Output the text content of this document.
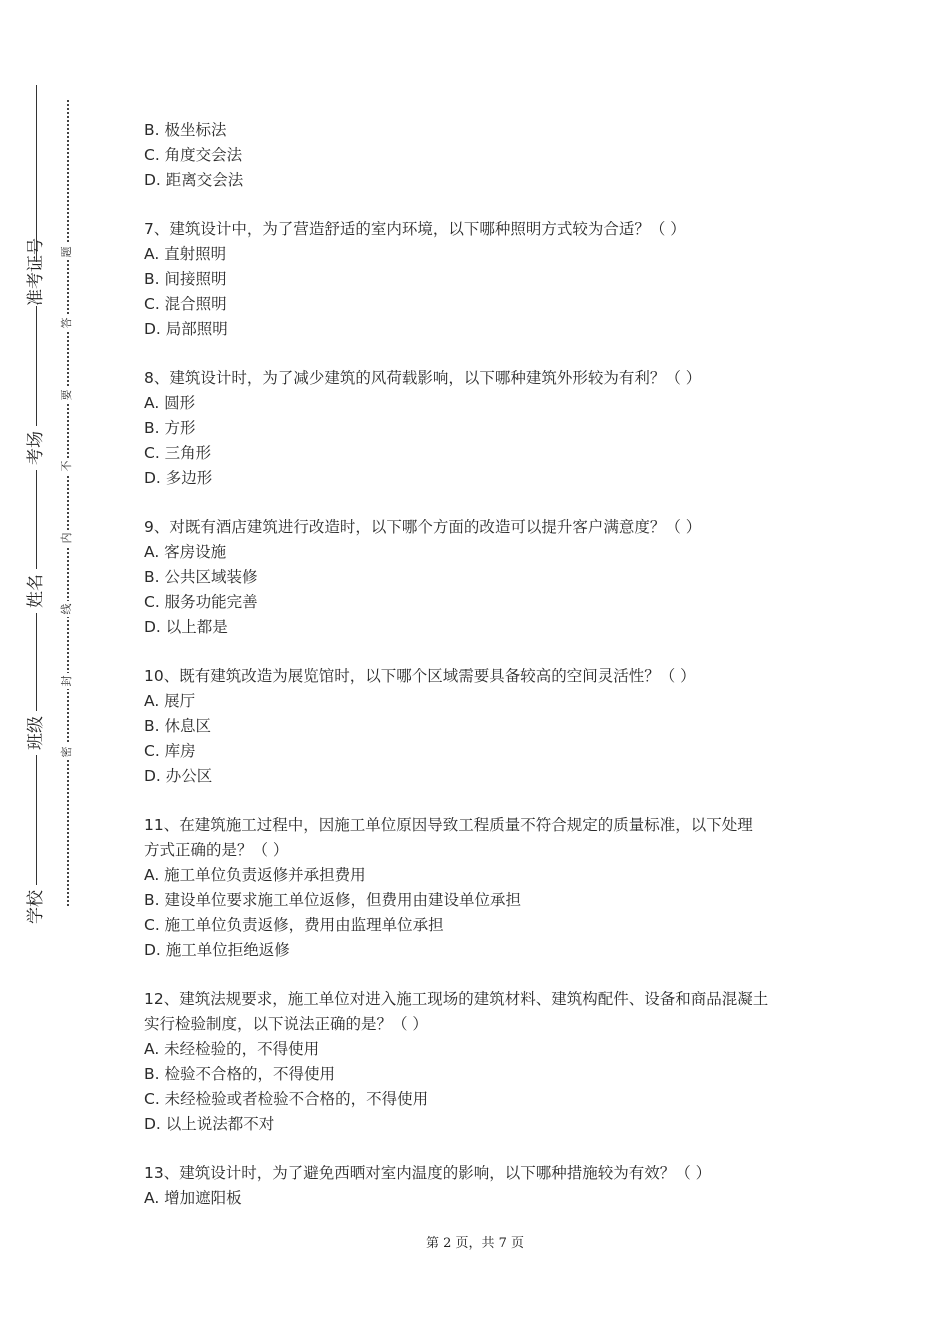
准考证号
考场
姓名
班级
学校
题
答
要
不
内
线
封
密
B. 极坐标法
C. 角度交会法
D. 距离交会法
7、建筑设计中，为了营造舒适的室内环境，以下哪种照明方式较为合适？（ ）
A. 直射照明
B. 间接照明
C. 混合照明
D. 局部照明
8、建筑设计时，为了减少建筑的风荷载影响，以下哪种建筑外形较为有利？（ ）
A. 圆形
B. 方形
C. 三角形
D. 多边形
9、对既有酒店建筑进行改造时，以下哪个方面的改造可以提升客户满意度？（ ）
A. 客房设施
B. 公共区域装修
C. 服务功能完善
D. 以上都是
10、既有建筑改造为展览馆时，以下哪个区域需要具备较高的空间灵活性？（ ）
A. 展厅
B. 休息区
C. 库房
D. 办公区
11、在建筑施工过程中，因施工单位原因导致工程质量不符合规定的质量标准，以下处理
方式正确的是？（ ）
A. 施工单位负责返修并承担费用
B. 建设单位要求施工单位返修，但费用由建设单位承担
C. 施工单位负责返修，费用由监理单位承担
D. 施工单位拒绝返修
12、建筑法规要求，施工单位对进入施工现场的建筑材料、建筑构配件、设备和商品混凝土
实行检验制度，以下说法正确的是？（ ）
A. 未经检验的，不得使用
B. 检验不合格的，不得使用
C. 未经检验或者检验不合格的，不得使用
D. 以上说法都不对
13、建筑设计时，为了避免西晒对室内温度的影响，以下哪种措施较为有效？（ ）
A. 增加遮阳板
第 2 页，共 7 页
